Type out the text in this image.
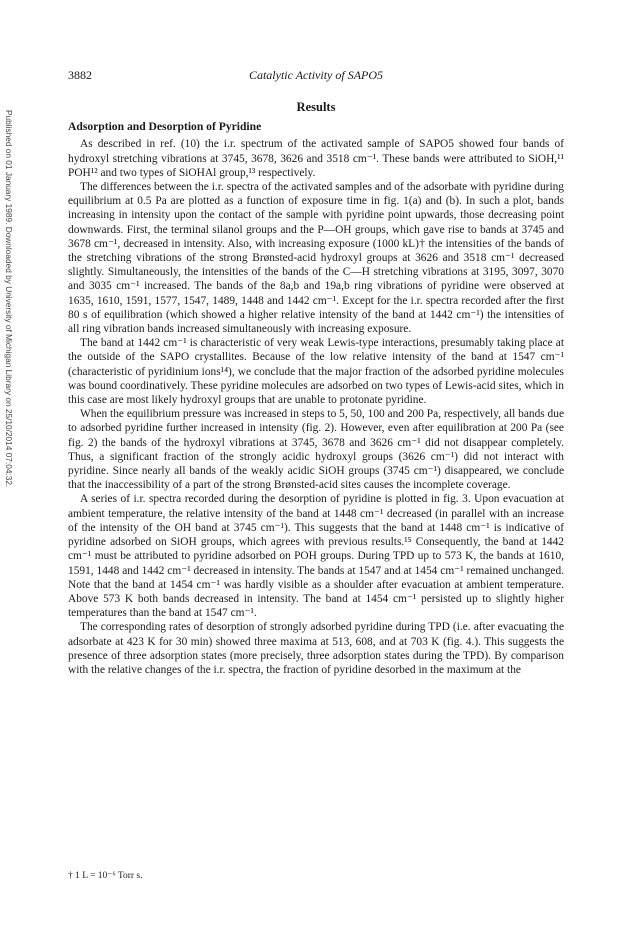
Published on 01 January 1989. Downloaded by University of Michigan Library on 25/10/2014 07:04:32.
3882	Catalytic Activity of SAPO5
Results
Adsorption and Desorption of Pyridine

As described in ref. (10) the i.r. spectrum of the activated sample of SAPO5 showed four bands of hydroxyl stretching vibrations at 3745, 3678, 3626 and 3518 cm⁻¹. These bands were attributed to SiOH,¹¹ POH¹² and two types of SiOHAl group,¹³ respectively.

The differences between the i.r. spectra of the activated samples and of the adsorbate with pyridine during equilibrium at 0.5 Pa are plotted as a function of exposure time in fig. 1(a) and (b). In such a plot, bands increasing in intensity upon the contact of the sample with pyridine point upwards, those decreasing point downwards. First, the terminal silanol groups and the P—OH groups, which gave rise to bands at 3745 and 3678 cm⁻¹, decreased in intensity. Also, with increasing exposure (1000 kL)† the intensities of the bands of the stretching vibrations of the strong Brønsted-acid hydroxyl groups at 3626 and 3518 cm⁻¹ decreased slightly. Simultaneously, the intensities of the bands of the C—H stretching vibrations at 3195, 3097, 3070 and 3035 cm⁻¹ increased. The bands of the 8a,b and 19a,b ring vibrations of pyridine were observed at 1635, 1610, 1591, 1577, 1547, 1489, 1448 and 1442 cm⁻¹. Except for the i.r. spectra recorded after the first 80 s of equilibration (which showed a higher relative intensity of the band at 1442 cm⁻¹) the intensities of all ring vibration bands increased simultaneously with increasing exposure.

The band at 1442 cm⁻¹ is characteristic of very weak Lewis-type interactions, presumably taking place at the outside of the SAPO crystallites. Because of the low relative intensity of the band at 1547 cm⁻¹ (characteristic of pyridinium ions¹⁴), we conclude that the major fraction of the adsorbed pyridine molecules was bound coordinatively. These pyridine molecules are adsorbed on two types of Lewis-acid sites, which in this case are most likely hydroxyl groups that are unable to protonate pyridine.

When the equilibrium pressure was increased in steps to 5, 50, 100 and 200 Pa, respectively, all bands due to adsorbed pyridine further increased in intensity (fig. 2). However, even after equilibration at 200 Pa (see fig. 2) the bands of the hydroxyl vibrations at 3745, 3678 and 3626 cm⁻¹ did not disappear completely. Thus, a significant fraction of the strongly acidic hydroxyl groups (3626 cm⁻¹) did not interact with pyridine. Since nearly all bands of the weakly acidic SiOH groups (3745 cm⁻¹) disappeared, we conclude that the inaccessibility of a part of the strong Brønsted-acid sites causes the incomplete coverage.

A series of i.r. spectra recorded during the desorption of pyridine is plotted in fig. 3. Upon evacuation at ambient temperature, the relative intensity of the band at 1448 cm⁻¹ decreased (in parallel with an increase of the intensity of the OH band at 3745 cm⁻¹). This suggests that the band at 1448 cm⁻¹ is indicative of pyridine adsorbed on SiOH groups, which agrees with previous results.¹⁵ Consequently, the band at 1442 cm⁻¹ must be attributed to pyridine adsorbed on POH groups. During TPD up to 573 K, the bands at 1610, 1591, 1448 and 1442 cm⁻¹ decreased in intensity. The bands at 1547 and at 1454 cm⁻¹ remained unchanged. Note that the band at 1454 cm⁻¹ was hardly visible as a shoulder after evacuation at ambient temperature. Above 573 K both bands decreased in intensity. The band at 1454 cm⁻¹ persisted up to slightly higher temperatures than the band at 1547 cm⁻¹.

The corresponding rates of desorption of strongly adsorbed pyridine during TPD (i.e. after evacuating the adsorbate at 423 K for 30 min) showed three maxima at 513, 608, and at 703 K (fig. 4.). This suggests the presence of three adsorption states (more precisely, three adsorption states during the TPD). By comparison with the relative changes of the i.r. spectra, the fraction of pyridine desorbed in the maximum at the

† 1 L = 10⁻⁶ Torr s.
